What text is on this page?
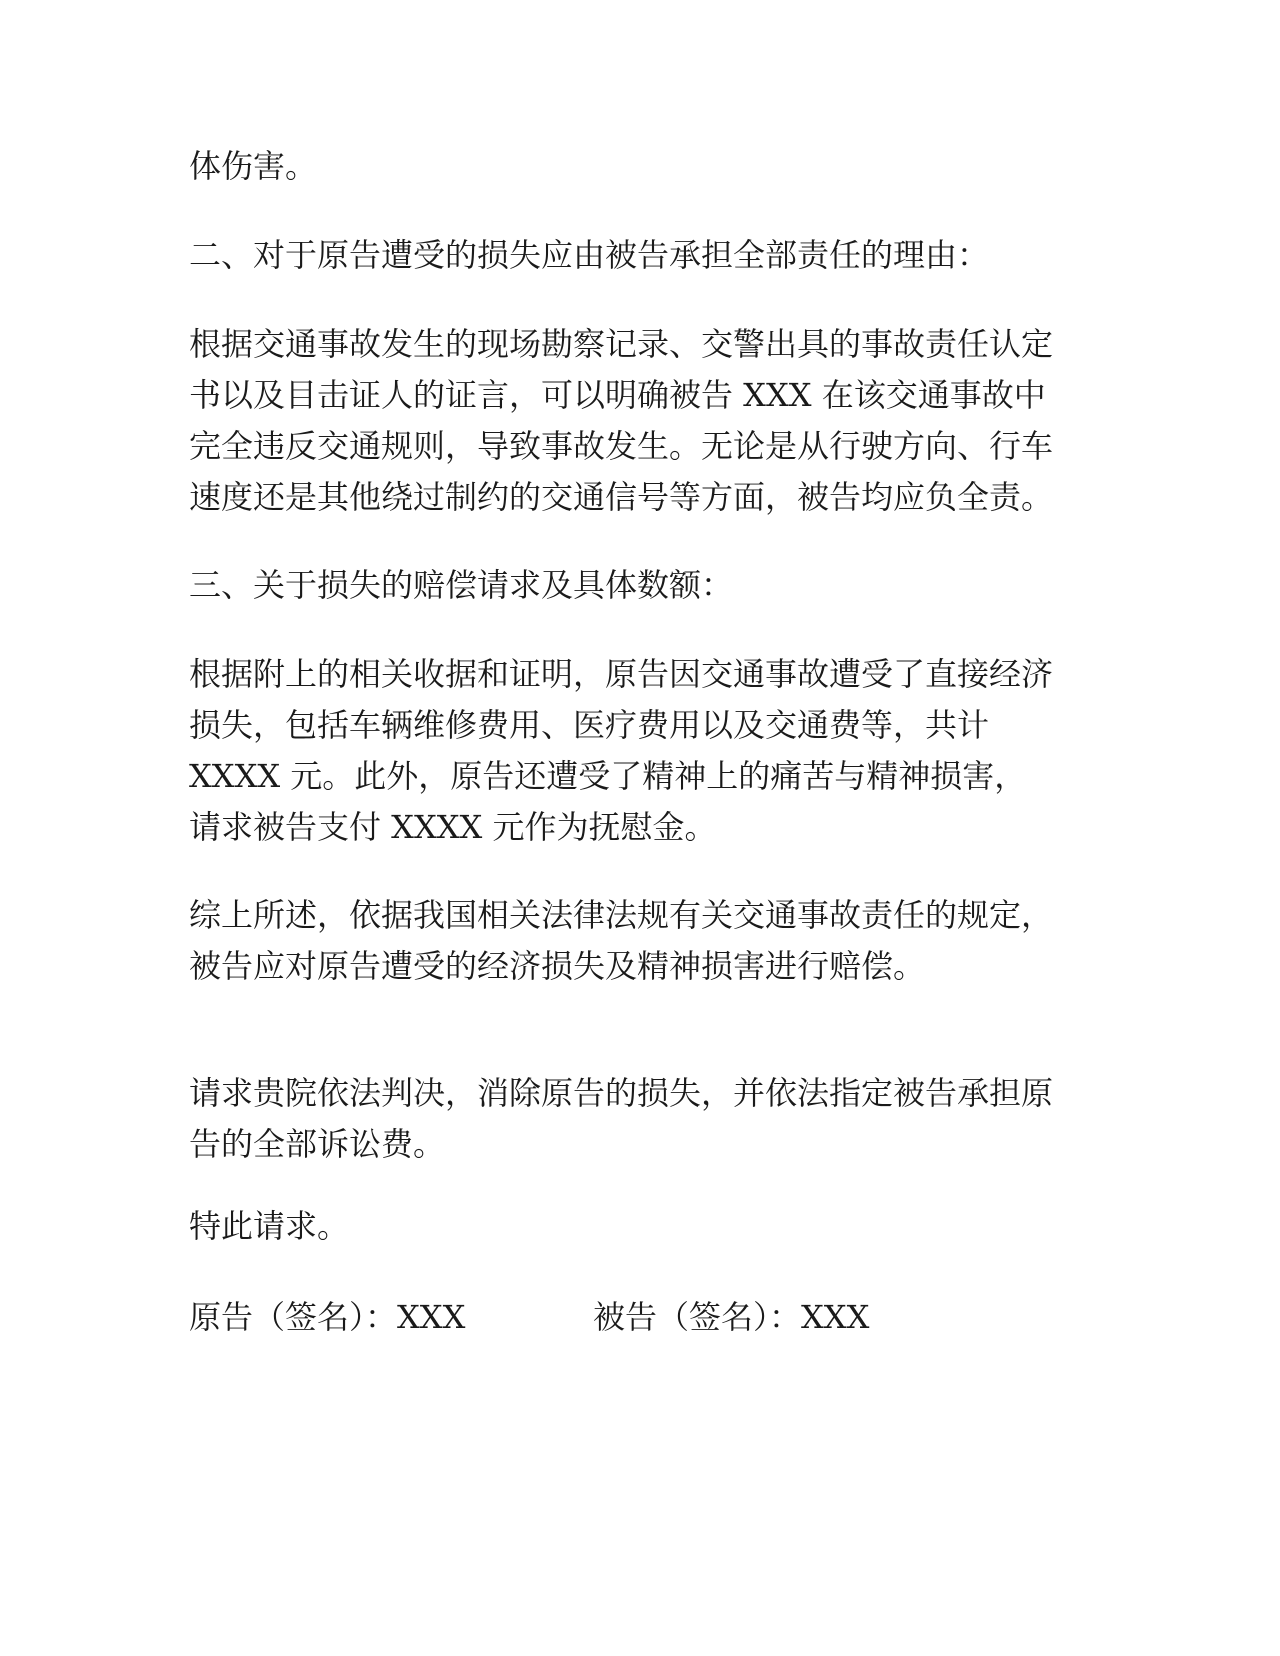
体伤害。
二、对于原告遭受的损失应由被告承担全部责任的理由：
根据交通事故发生的现场勘察记录、交警出具的事故责任认定
书以及目击证人的证言，可以明确被告 XXX 在该交通事故中
完全违反交通规则，导致事故发生。无论是从行驶方向、行车
速度还是其他绕过制约的交通信号等方面，被告均应负全责。
三、关于损失的赔偿请求及具体数额：
根据附上的相关收据和证明，原告因交通事故遭受了直接经济
损失，包括车辆维修费用、医疗费用以及交通费等，共计
XXXX 元。此外，原告还遭受了精神上的痛苦与精神损害，
请求被告支付 XXXX 元作为抚慰金。
综上所述，依据我国相关法律法规有关交通事故责任的规定，
被告应对原告遭受的经济损失及精神损害进行赔偿。
请求贵院依法判决，消除原告的损失，并依法指定被告承担原
告的全部诉讼费。
特此请求。
原告（签名）：XXX	被告（签名）：XXX
